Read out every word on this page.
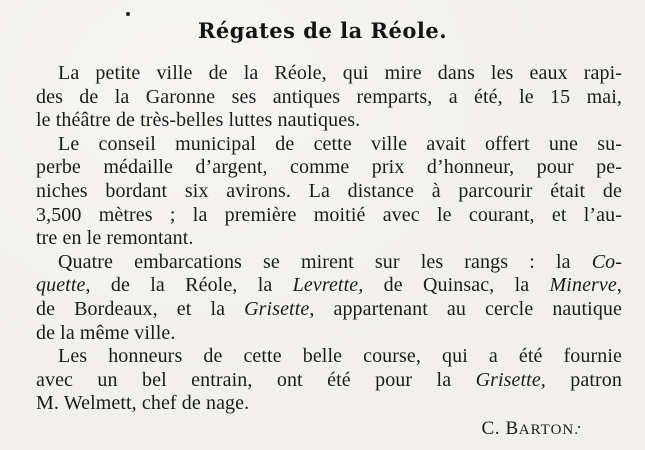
Régates de la Réole.
La petite ville de la Réole, qui mire dans les eaux rapi-
des de la Garonne ses antiques remparts, a été, le 15 mai,
le théâtre de très-belles luttes nautiques.
Le conseil municipal de cette ville avait offert une su-
perbe médaille d’argent, comme prix d’honneur, pour pe-
niches bordant six avirons. La distance à parcourir était de
3,500 mètres ; la première moitié avec le courant, et l’au-
tre en le remontant.
Quatre embarcations se mirent sur les rangs : la Co-
quette, de la Réole, la Levrette, de Quinsac, la Minerve,
de Bordeaux, et la Grisette, appartenant au cercle nautique
de la même ville.
Les honneurs de cette belle course, qui a été fournie
avec un bel entrain, ont été pour la Grisette, patron
M. Welmett, chef de nage.
C. BARTON.
